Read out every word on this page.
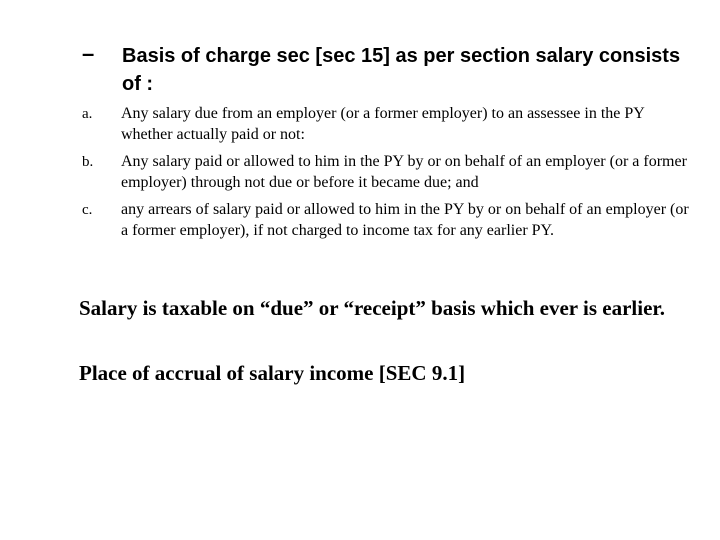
– Basis of charge sec [sec 15] as per section salary consists of :
a. Any salary due from an employer (or a former employer) to an assessee in the PY whether actually paid or not:
b. Any salary paid or allowed to him in the PY by or on behalf of an employer (or a former employer) through not due or before it became due; and
c. any arrears of salary paid or allowed to him in the PY by or on behalf of an employer (or a former employer), if not charged to income tax for any earlier PY.
Salary is taxable on “due” or “receipt” basis which ever is earlier.
Place of accrual of salary income [SEC 9.1]
